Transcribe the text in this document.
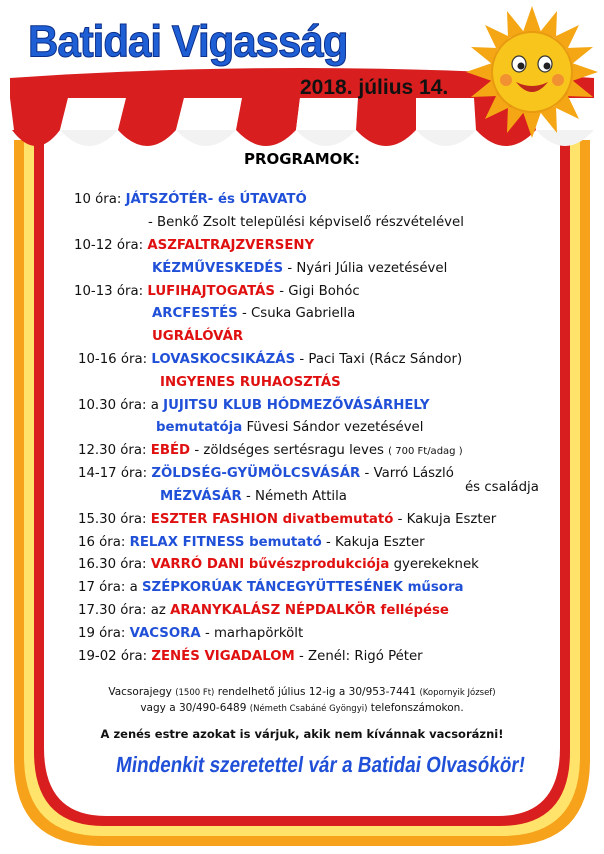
Batidai Vigasság
2018. július 14.
PROGRAMOK:
10 óra: JÁTSZÓTÉR- és ÚTAVATÓ
- Benkő Zsolt települési képviselő részvételével
10-12 óra: ASZFALTRAJZVERSENY
KÉZMŰVESKEDÉS - Nyári Júlia vezetésével
10-13 óra: LUFIHAJTOGATÁS - Gigi Bohóc
ARCFESTÉS - Csuka Gabriella
UGRÁLÓVÁR
10-16 óra: LOVASKOCSIKÁZÁS - Paci Taxi (Rácz Sándor)
INGYENES RUHAOSZTÁS
10.30 óra: a JUJITSU KLUB HÓDMEZŐVÁSÁRHELY
bemutatója Füvesi Sándor vezetésével
12.30 óra: EBÉD - zöldséges sertésragu leves ( 700 Ft/adag )
14-17 óra: ZÖLDSÉG-GYÜMÖLCSVÁSÁR - Varró László
és családja
MÉZVÁSÁR - Németh Attila
15.30 óra: ESZTER FASHION divatbemutató - Kakuja Eszter
16 óra: RELAX FITNESS bemutató - Kakuja Eszter
16.30 óra: VARRÓ DANI bűvészprodukciója gyerekeknek
17 óra: a SZÉPKORÚAK TÁNCEGYÜTTESÉNEK műsora
17.30 óra: az ARANYKALÁSZ NÉPDALKÖR fellépése
19 óra: VACSORA - marhapörkölt
19-02 óra: ZENÉS VIGADALOM - Zenél: Rigó Péter
Vacsorajegy (1500 Ft) rendelhető július 12-ig a 30/953-7441 (Kopornyik József)
vagy a 30/490-6489 (Németh Csabáné Gyöngyi) telefonszámokon.
A zenés estre azokat is várjuk, akik nem kívánnak vacsorázni!
Mindenkit szeretettel vár a Batidai Olvasókör!
